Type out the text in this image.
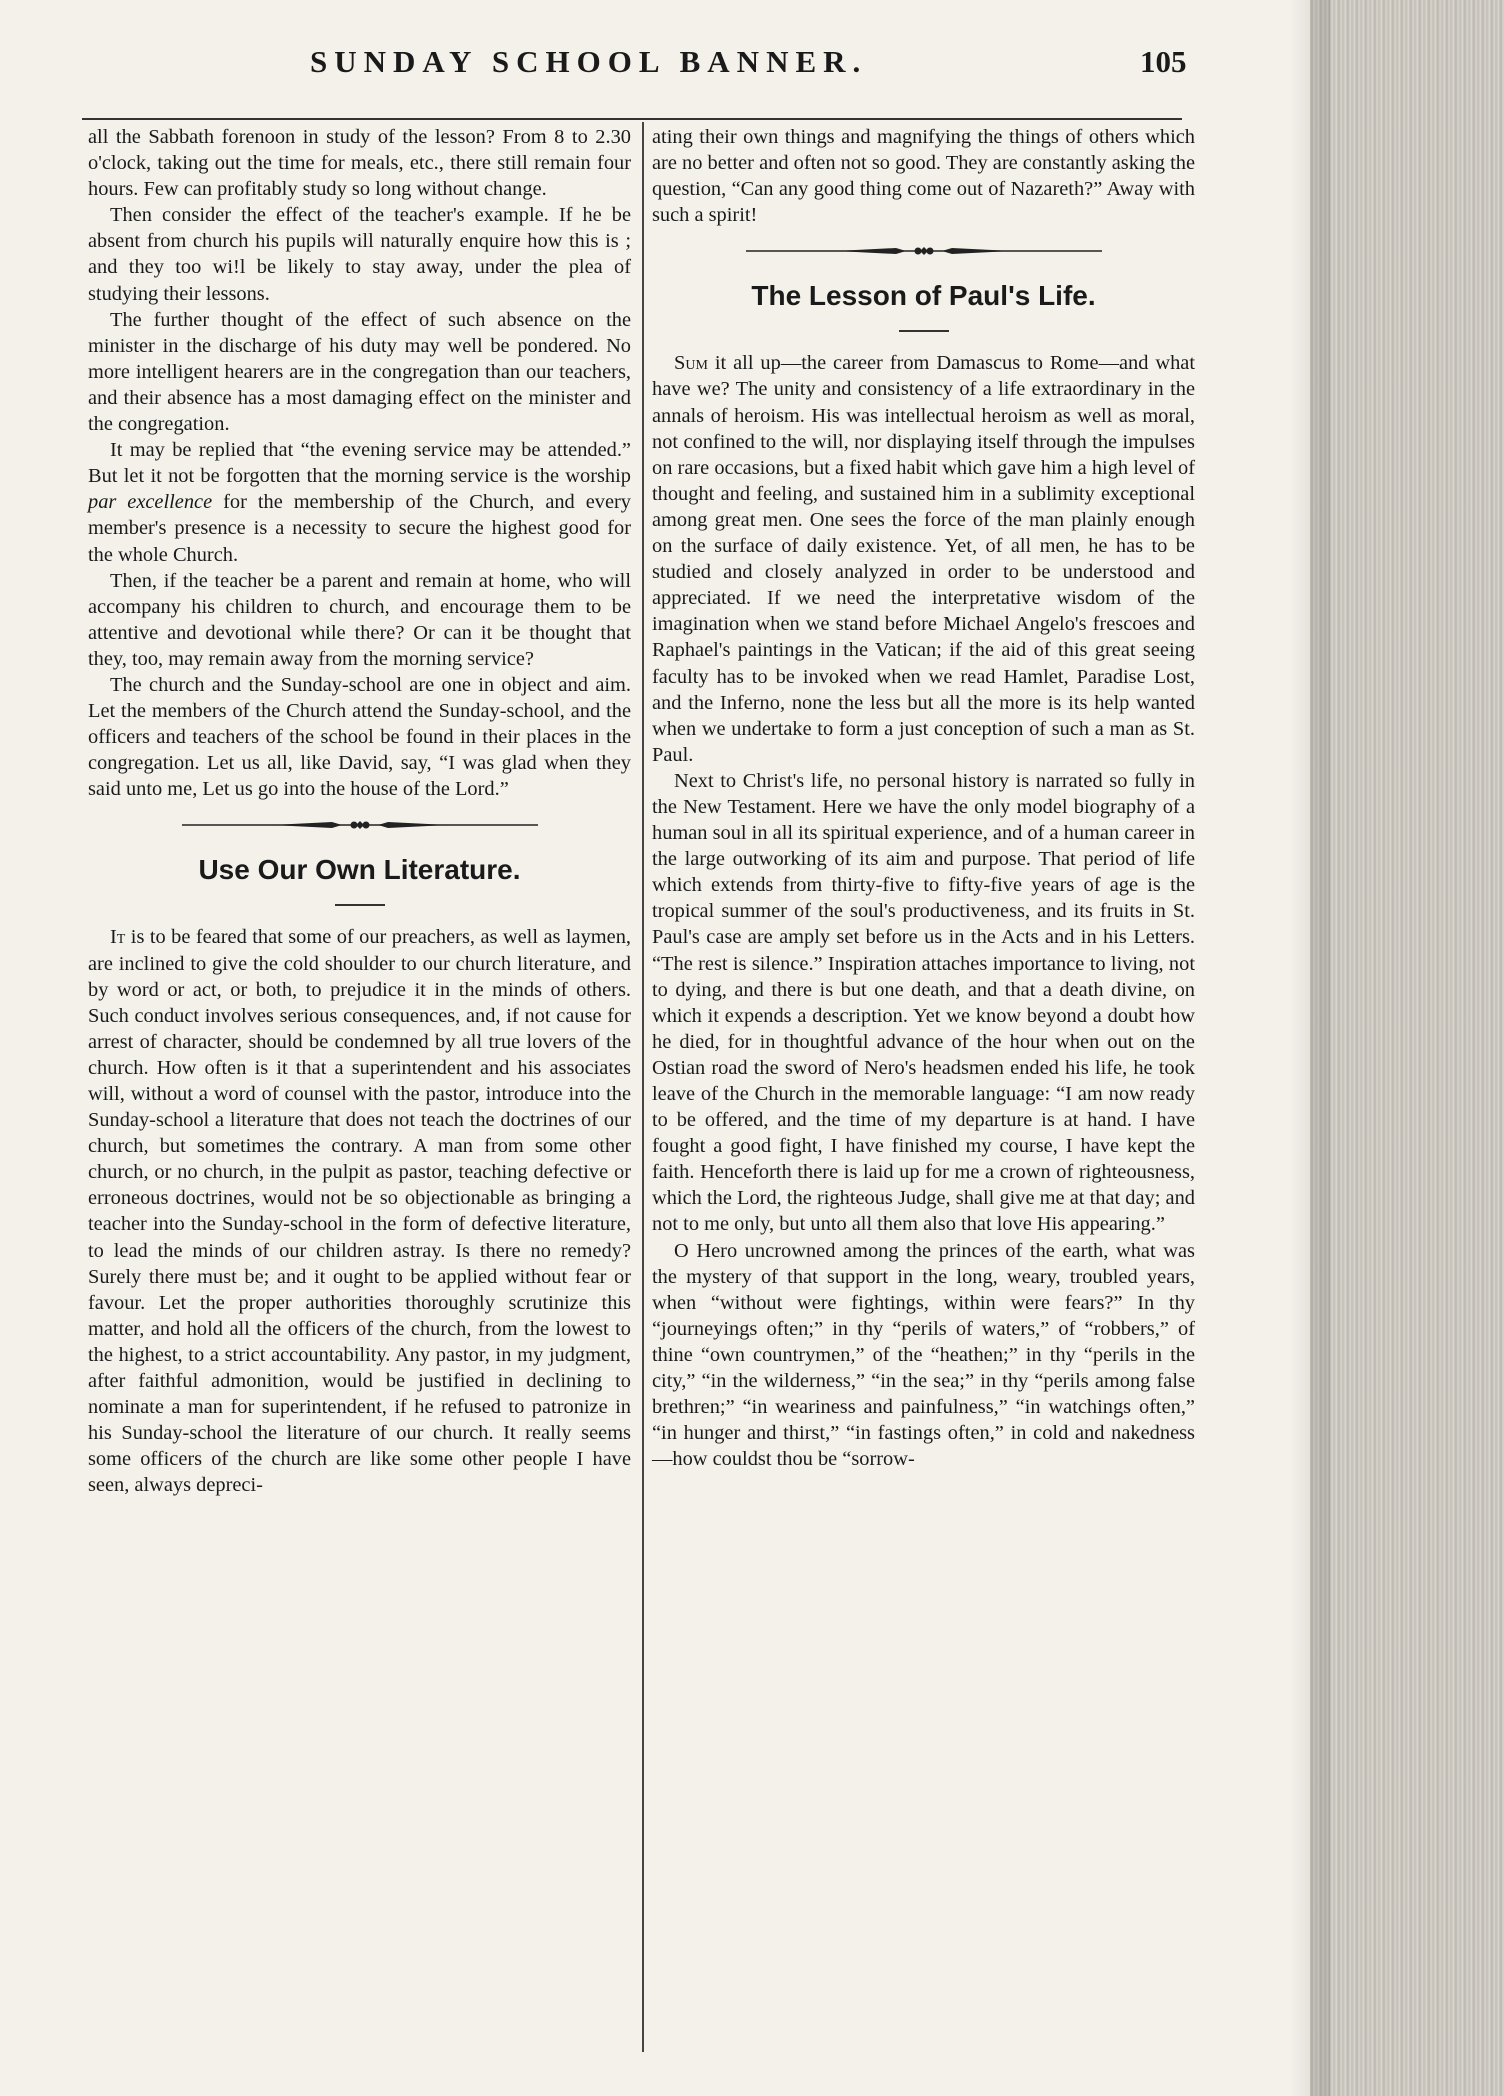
SUNDAY SCHOOL BANNER.	105

all the Sabbath forenoon in study of the lesson? From 8 to 2.30 o'clock, taking out the time for meals, etc., there still remain four hours. Few can profitably study so long without change.

Then consider the effect of the teacher's example. If he be absent from church his pupils will naturally enquire how this is ; and they too wi!l be likely to stay away, under the plea of studying their lessons.

The further thought of the effect of such absence on the minister in the discharge of his duty may well be pondered. No more intelligent hearers are in the congregation than our teachers, and their absence has a most damaging effect on the minister and the congregation.

It may be replied that “the evening service may be attended.” But let it not be forgotten that the morning service is the worship par excellence for the membership of the Church, and every member's presence is a necessity to secure the highest good for the whole Church.

Then, if the teacher be a parent and remain at home, who will accompany his children to church, and encourage them to be attentive and devotional while there? Or can it be thought that they, too, may remain away from the morning service?

The church and the Sunday-school are one in object and aim. Let the members of the Church attend the Sunday-school, and the officers and teachers of the school be found in their places in the congregation. Let us all, like David, say, “I was glad when they said unto me, Let us go into the house of the Lord.”

Use Our Own Literature.

It is to be feared that some of our preachers, as well as laymen, are inclined to give the cold shoulder to our church literature, and by word or act, or both, to prejudice it in the minds of others. Such conduct involves serious consequences, and, if not cause for arrest of character, should be condemned by all true lovers of the church. How often is it that a superintendent and his associates will, without a word of counsel with the pastor, introduce into the Sunday-school a literature that does not teach the doctrines of our church, but sometimes the contrary. A man from some other church, or no church, in the pulpit as pastor, teaching defective or erroneous doctrines, would not be so objectionable as bringing a teacher into the Sunday-school in the form of defective literature, to lead the minds of our children astray. Is there no remedy? Surely there must be; and it ought to be applied without fear or favour. Let the proper authorities thoroughly scrutinize this matter, and hold all the officers of the church, from the lowest to the highest, to a strict accountability. Any pastor, in my judgment, after faithful admonition, would be justified in declining to nominate a man for superintendent, if he refused to patronize in his Sunday-school the literature of our church. It really seems some officers of the church are like some other people I have seen, always depreci-

ating their own things and magnifying the things of others which are no better and often not so good. They are constantly asking the question, “Can any good thing come out of Nazareth?” Away with such a spirit!

The Lesson of Paul's Life.

Sum it all up—the career from Damascus to Rome—and what have we? The unity and consistency of a life extraordinary in the annals of heroism. His was intellectual heroism as well as moral, not confined to the will, nor displaying itself through the impulses on rare occasions, but a fixed habit which gave him a high level of thought and feeling, and sustained him in a sublimity exceptional among great men. One sees the force of the man plainly enough on the surface of daily existence. Yet, of all men, he has to be studied and closely analyzed in order to be understood and appreciated. If we need the interpretative wisdom of the imagination when we stand before Michael Angelo's frescoes and Raphael's paintings in the Vatican; if the aid of this great seeing faculty has to be invoked when we read Hamlet, Paradise Lost, and the Inferno, none the less but all the more is its help wanted when we undertake to form a just conception of such a man as St. Paul.

Next to Christ's life, no personal history is narrated so fully in the New Testament. Here we have the only model biography of a human soul in all its spiritual experience, and of a human career in the large outworking of its aim and purpose. That period of life which extends from thirty-five to fifty-five years of age is the tropical summer of the soul's productiveness, and its fruits in St. Paul's case are amply set before us in the Acts and in his Letters. “The rest is silence.” Inspiration attaches importance to living, not to dying, and there is but one death, and that a death divine, on which it expends a description. Yet we know beyond a doubt how he died, for in thoughtful advance of the hour when out on the Ostian road the sword of Nero's headsmen ended his life, he took leave of the Church in the memorable language: “I am now ready to be offered, and the time of my departure is at hand. I have fought a good fight, I have finished my course, I have kept the faith. Henceforth there is laid up for me a crown of righteousness, which the Lord, the righteous Judge, shall give me at that day; and not to me only, but unto all them also that love His appearing.”

O Hero uncrowned among the princes of the earth, what was the mystery of that support in the long, weary, troubled years, when “without were fightings, within were fears?” In thy “journeyings often;” in thy “perils of waters,” of “robbers,” of thine “own countrymen,” of the “heathen;” in thy “perils in the city,” “in the wilderness,” “in the sea;” in thy “perils among false brethren;” “in weariness and painfulness,” “in watchings often,” “in hunger and thirst,” “in fastings often,” in cold and nakedness—how couldst thou be “sorrow-
